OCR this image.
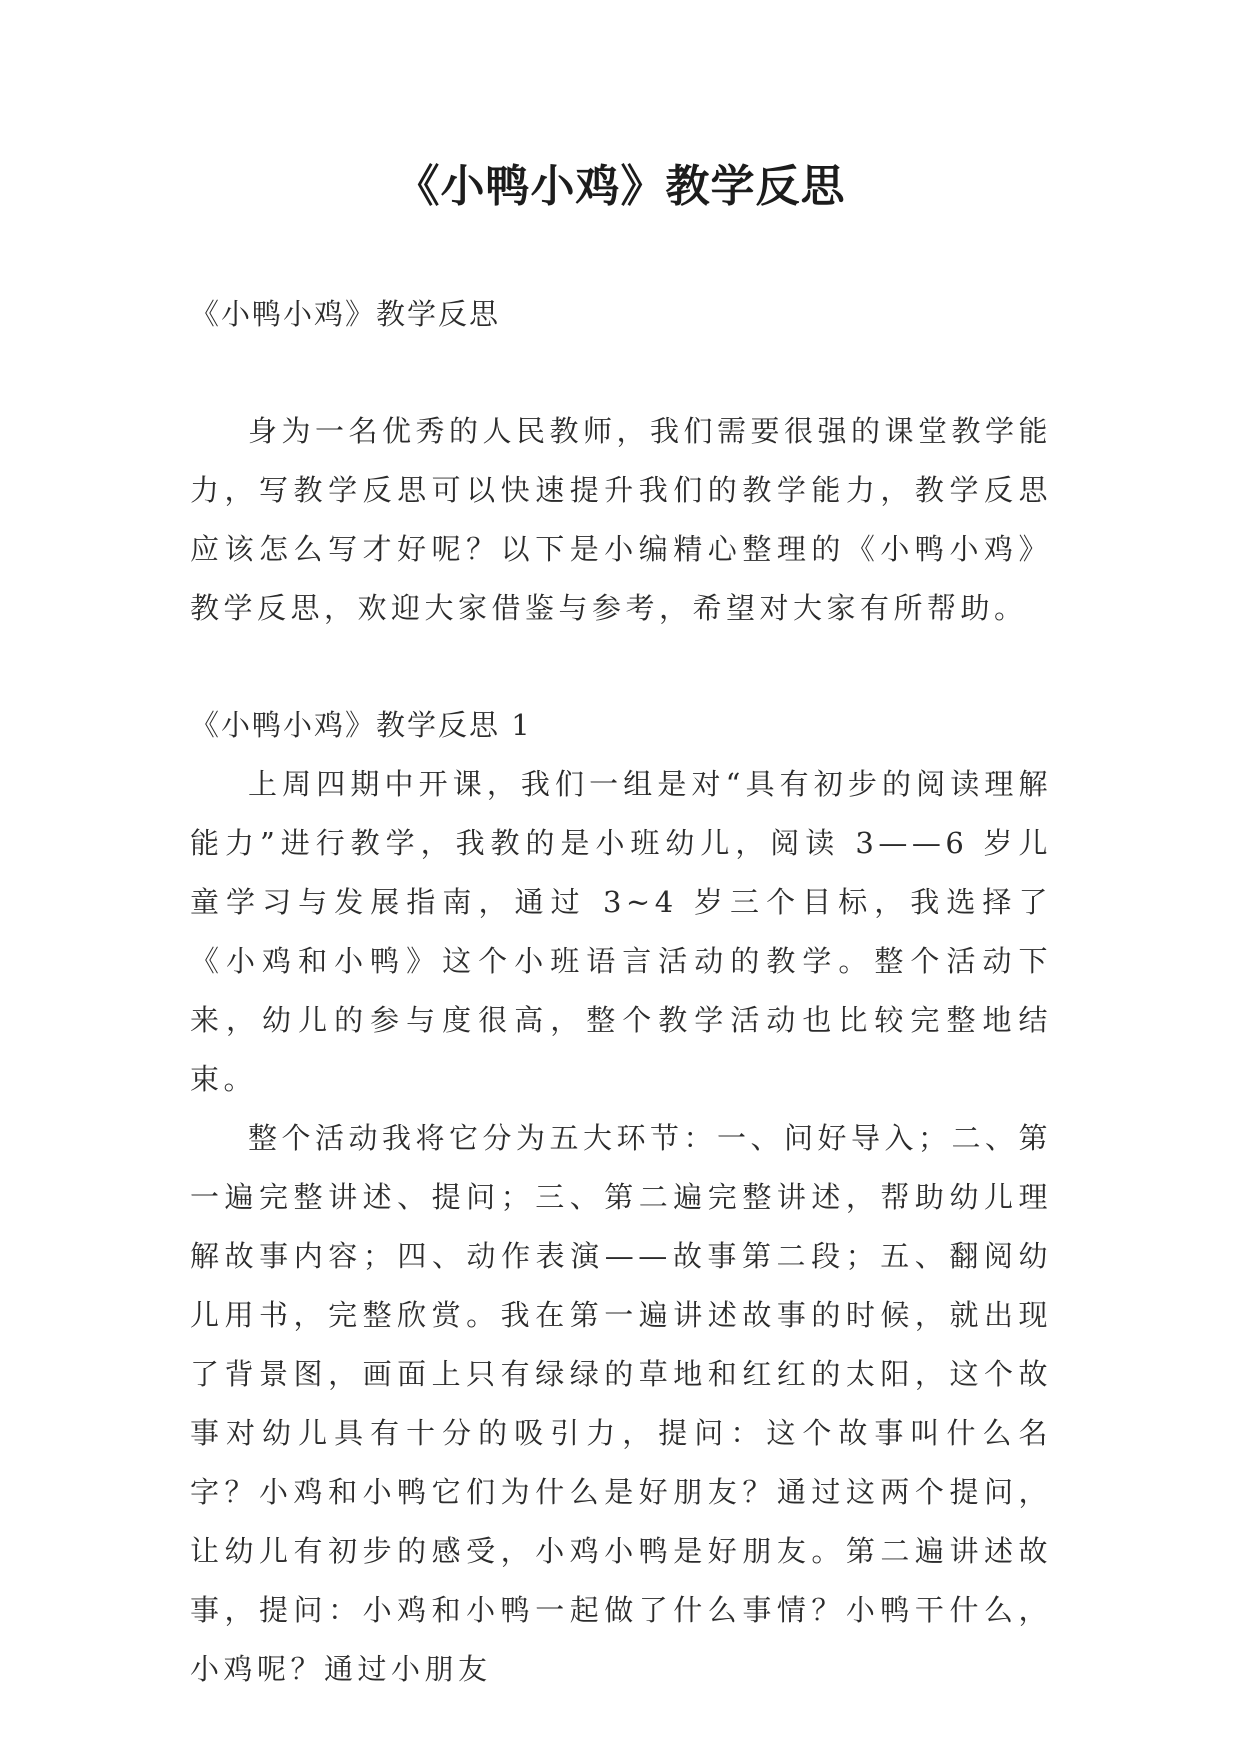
《小鸭小鸡》教学反思

《小鸭小鸡》教学反思

身为一名优秀的人民教师，我们需要很强的课堂教学能力，写教学反思可以快速提升我们的教学能力，教学反思应该怎么写才好呢？以下是小编精心整理的《小鸭小鸡》教学反思，欢迎大家借鉴与参考，希望对大家有所帮助。

《小鸭小鸡》教学反思 1

上周四期中开课，我们一组是对“具有初步的阅读理解能力”进行教学，我教的是小班幼儿，阅读 3——6 岁儿童学习与发展指南，通过 3~4 岁三个目标，我选择了《小鸡和小鸭》这个小班语言活动的教学。整个活动下来，幼儿的参与度很高，整个教学活动也比较完整地结束。

整个活动我将它分为五大环节：一、问好导入；二、第一遍完整讲述、提问；三、第二遍完整讲述，帮助幼儿理解故事内容；四、动作表演——故事第二段；五、翻阅幼儿用书，完整欣赏。我在第一遍讲述故事的时候，就出现了背景图，画面上只有绿绿的草地和红红的太阳，这个故事对幼儿具有十分的吸引力，提问：这个故事叫什么名字？小鸡和小鸭它们为什么是好朋友？通过这两个提问，让幼儿有初步的感受，小鸡小鸭是好朋友。第二遍讲述故事，提问：小鸡和小鸭一起做了什么事情？小鸭干什么，小鸡呢？通过小朋友
